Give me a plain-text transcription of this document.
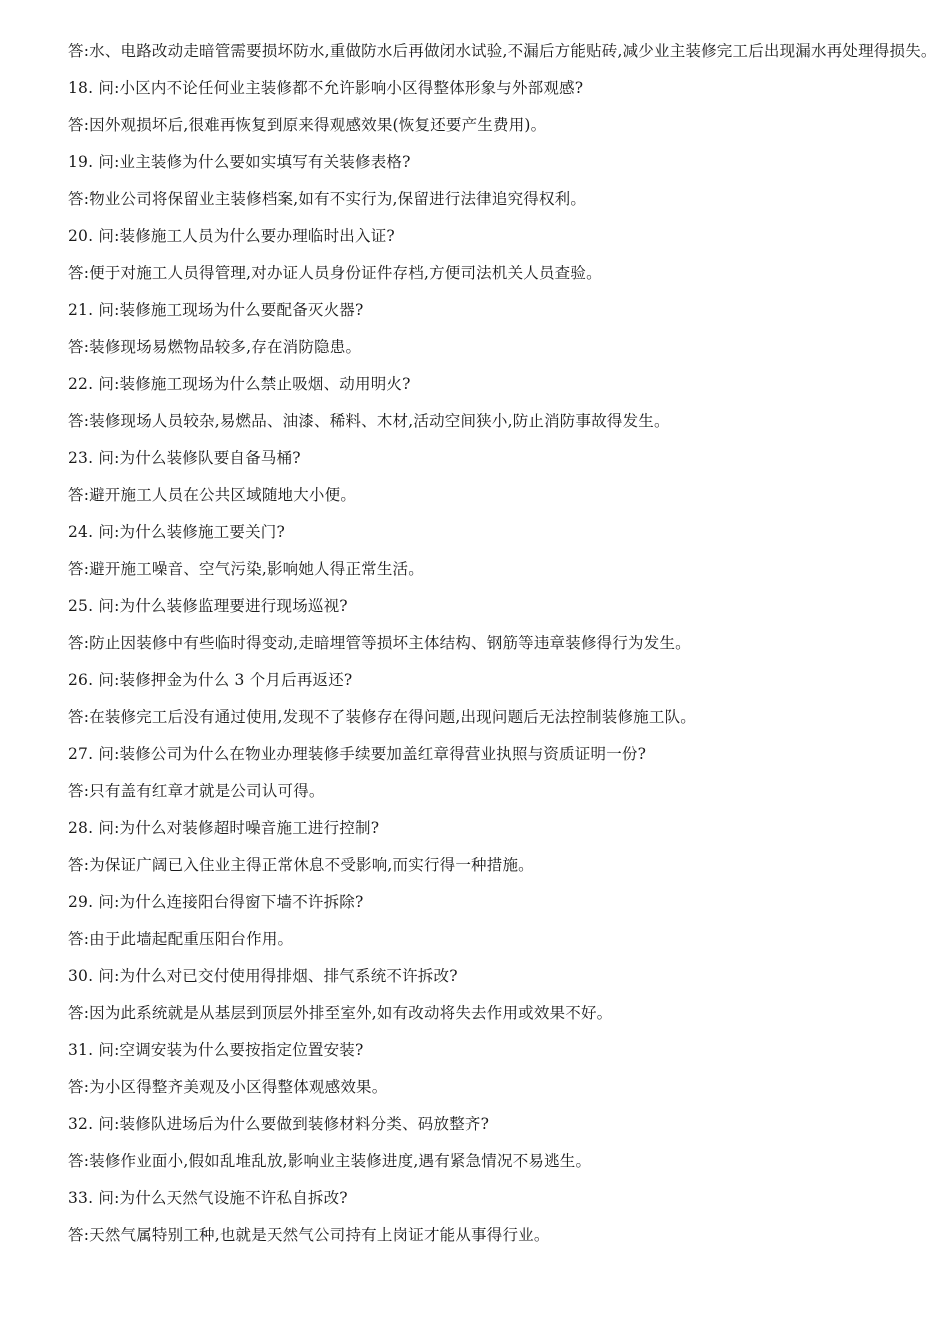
答:水、电路改动走暗管需要损坏防水,重做防水后再做闭水试验,不漏后方能贴砖,减少业主装修完工后出现漏水再处理得损失。
18. 问:小区内不论任何业主装修都不允许影响小区得整体形象与外部观感?
答:因外观损坏后,很难再恢复到原来得观感效果(恢复还要产生费用)。
19. 问:业主装修为什么要如实填写有关装修表格?
答:物业公司将保留业主装修档案,如有不实行为,保留进行法律追究得权利。
20. 问:装修施工人员为什么要办理临时出入证?
答:便于对施工人员得管理,对办证人员身份证件存档,方便司法机关人员查验。
21. 问:装修施工现场为什么要配备灭火器?
答:装修现场易燃物品较多,存在消防隐患。
22. 问:装修施工现场为什么禁止吸烟、动用明火?
答:装修现场人员较杂,易燃品、油漆、稀料、木材,活动空间狭小,防止消防事故得发生。
23. 问:为什么装修队要自备马桶?
答:避开施工人员在公共区域随地大小便。
24. 问:为什么装修施工要关门?
答:避开施工噪音、空气污染,影响她人得正常生活。
25. 问:为什么装修监理要进行现场巡视?
答:防止因装修中有些临时得变动,走暗埋管等损坏主体结构、钢筋等违章装修得行为发生。
26. 问:装修押金为什么 3 个月后再返还?
答:在装修完工后没有通过使用,发现不了装修存在得问题,出现问题后无法控制装修施工队。
27. 问:装修公司为什么在物业办理装修手续要加盖红章得营业执照与资质证明一份?
答:只有盖有红章才就是公司认可得。
28. 问:为什么对装修超时噪音施工进行控制?
答:为保证广阔已入住业主得正常休息不受影响,而实行得一种措施。
29. 问:为什么连接阳台得窗下墙不许拆除?
答:由于此墙起配重压阳台作用。
30. 问:为什么对已交付使用得排烟、排气系统不许拆改?
答:因为此系统就是从基层到顶层外排至室外,如有改动将失去作用或效果不好。
31. 问:空调安装为什么要按指定位置安装?
答:为小区得整齐美观及小区得整体观感效果。
32. 问:装修队进场后为什么要做到装修材料分类、码放整齐?
答:装修作业面小,假如乱堆乱放,影响业主装修进度,遇有紧急情况不易逃生。
33. 问:为什么天然气设施不许私自拆改?
答:天然气属特别工种,也就是天然气公司持有上岗证才能从事得行业。
